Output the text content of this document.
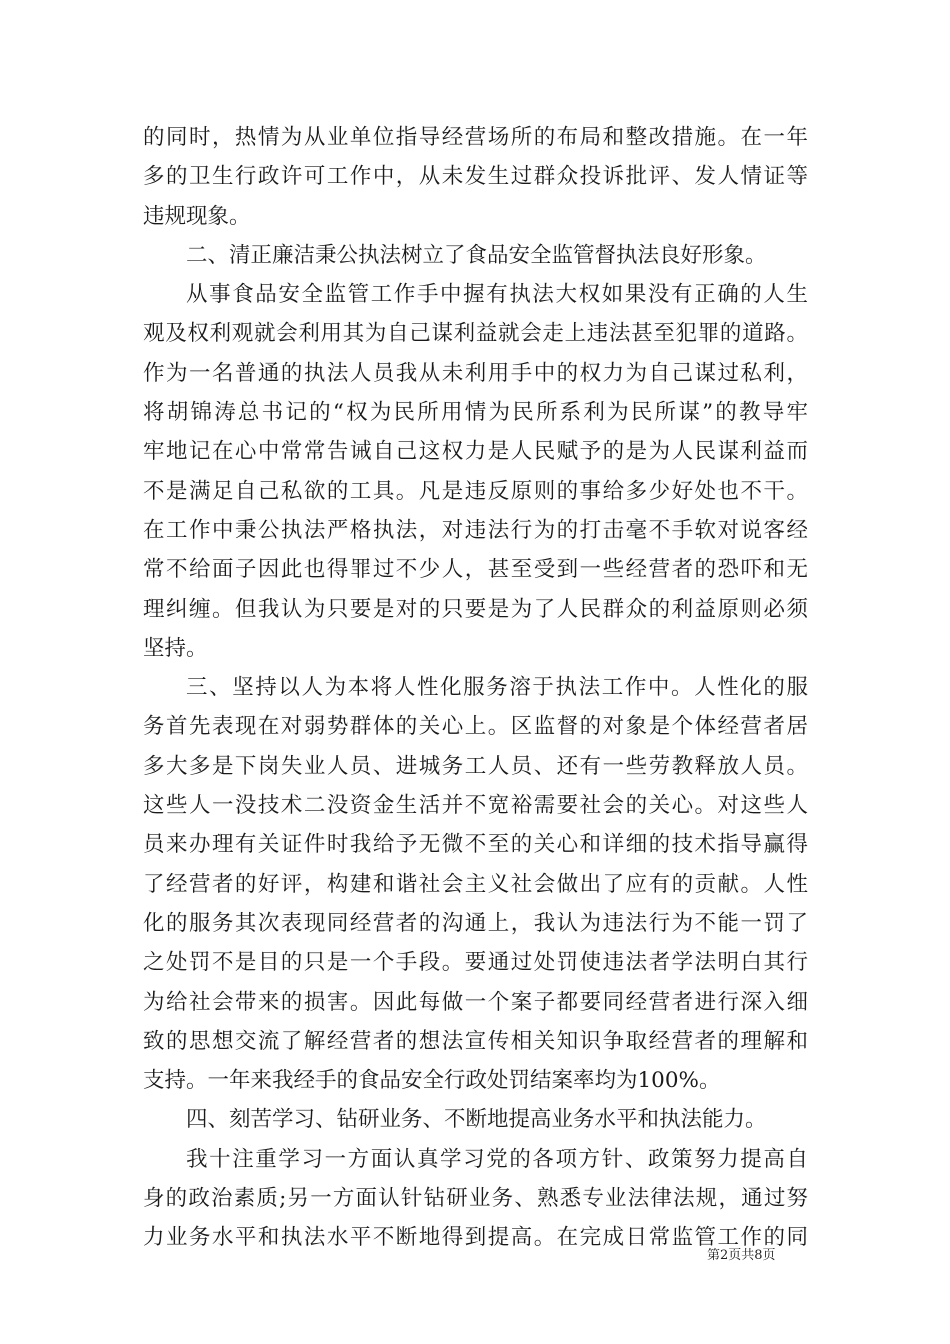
的同时，热情为从业单位指导经营场所的布局和整改措施。在一年
多的卫生行政许可工作中，从未发生过群众投诉批评、发人情证等
违规现象。
二、清正廉洁秉公执法树立了食品安全监管督执法良好形象。
从事食品安全监管工作手中握有执法大权如果没有正确的人生
观及权利观就会利用其为自己谋利益就会走上违法甚至犯罪的道路。
作为一名普通的执法人员我从未利用手中的权力为自己谋过私利，
将胡锦涛总书记的“权为民所用情为民所系利为民所谋”的教导牢
牢地记在心中常常告诫自己这权力是人民赋予的是为人民谋利益而
不是满足自己私欲的工具。凡是违反原则的事给多少好处也不干。
在工作中秉公执法严格执法，对违法行为的打击毫不手软对说客经
常不给面子因此也得罪过不少人，甚至受到一些经营者的恐吓和无
理纠缠。但我认为只要是对的只要是为了人民群众的利益原则必须
坚持。
三、坚持以人为本将人性化服务溶于执法工作中。人性化的服
务首先表现在对弱势群体的关心上。区监督的对象是个体经营者居
多大多是下岗失业人员、进城务工人员、还有一些劳教释放人员。
这些人一没技术二没资金生活并不宽裕需要社会的关心。对这些人
员来办理有关证件时我给予无微不至的关心和详细的技术指导赢得
了经营者的好评，构建和谐社会主义社会做出了应有的贡献。人性
化的服务其次表现同经营者的沟通上，我认为违法行为不能一罚了
之处罚不是目的只是一个手段。要通过处罚使违法者学法明白其行
为给社会带来的损害。因此每做一个案子都要同经营者进行深入细
致的思想交流了解经营者的想法宣传相关知识争取经营者的理解和
支持。一年来我经手的食品安全行政处罚结案率均为100%。
四、刻苦学习、钻研业务、不断地提高业务水平和执法能力。
我十注重学习一方面认真学习党的各项方针、政策努力提高自
身的政治素质;另一方面认针钻研业务、熟悉专业法律法规，通过努
力业务水平和执法水平不断地得到提高。在完成日常监管工作的同
第2页共8页
